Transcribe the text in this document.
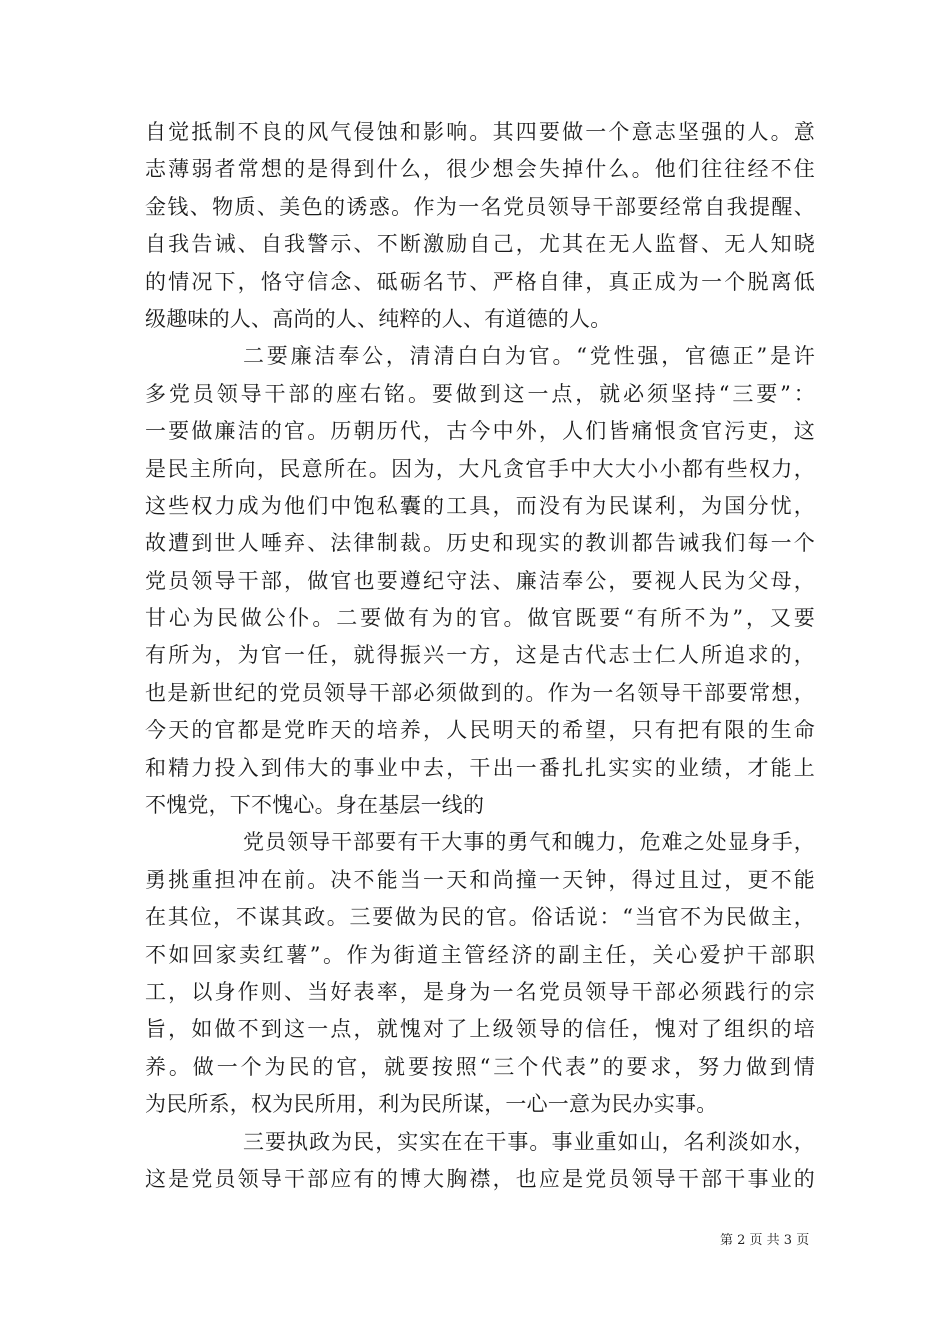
自觉抵制不良的风气侵蚀和影响。其四要做一个意志坚强的人。意
志薄弱者常想的是得到什么，很少想会失掉什么。他们往往经不住
金钱、物质、美色的诱惑。作为一名党员领导干部要经常自我提醒、
自我告诫、自我警示、不断激励自己，尤其在无人监督、无人知晓
的情况下，恪守信念、砥砺名节、严格自律，真正成为一个脱离低
级趣味的人、高尚的人、纯粹的人、有道德的人。
二要廉洁奉公，清清白白为官。“党性强，官德正”是许
多党员领导干部的座右铭。要做到这一点，就必须坚持“三要”：
一要做廉洁的官。历朝历代，古今中外，人们皆痛恨贪官污吏，这
是民主所向，民意所在。因为，大凡贪官手中大大小小都有些权力，
这些权力成为他们中饱私囊的工具，而没有为民谋利，为国分忧，
故遭到世人唾弃、法律制裁。历史和现实的教训都告诫我们每一个
党员领导干部，做官也要遵纪守法、廉洁奉公，要视人民为父母，
甘心为民做公仆。二要做有为的官。做官既要“有所不为”，又要
有所为，为官一任，就得振兴一方，这是古代志士仁人所追求的，
也是新世纪的党员领导干部必须做到的。作为一名领导干部要常想，
今天的官都是党昨天的培养，人民明天的希望，只有把有限的生命
和精力投入到伟大的事业中去，干出一番扎扎实实的业绩，才能上
不愧党，下不愧心。身在基层一线的
党员领导干部要有干大事的勇气和魄力，危难之处显身手，
勇挑重担冲在前。决不能当一天和尚撞一天钟，得过且过，更不能
在其位，不谋其政。三要做为民的官。俗话说：“当官不为民做主，
不如回家卖红薯”。作为街道主管经济的副主任，关心爱护干部职
工，以身作则、当好表率，是身为一名党员领导干部必须践行的宗
旨，如做不到这一点，就愧对了上级领导的信任，愧对了组织的培
养。做一个为民的官，就要按照“三个代表”的要求，努力做到情
为民所系，权为民所用，利为民所谋，一心一意为民办实事。
三要执政为民，实实在在干事。事业重如山，名利淡如水，
这是党员领导干部应有的博大胸襟，也应是党员领导干部干事业的
第 2 页 共 3 页
